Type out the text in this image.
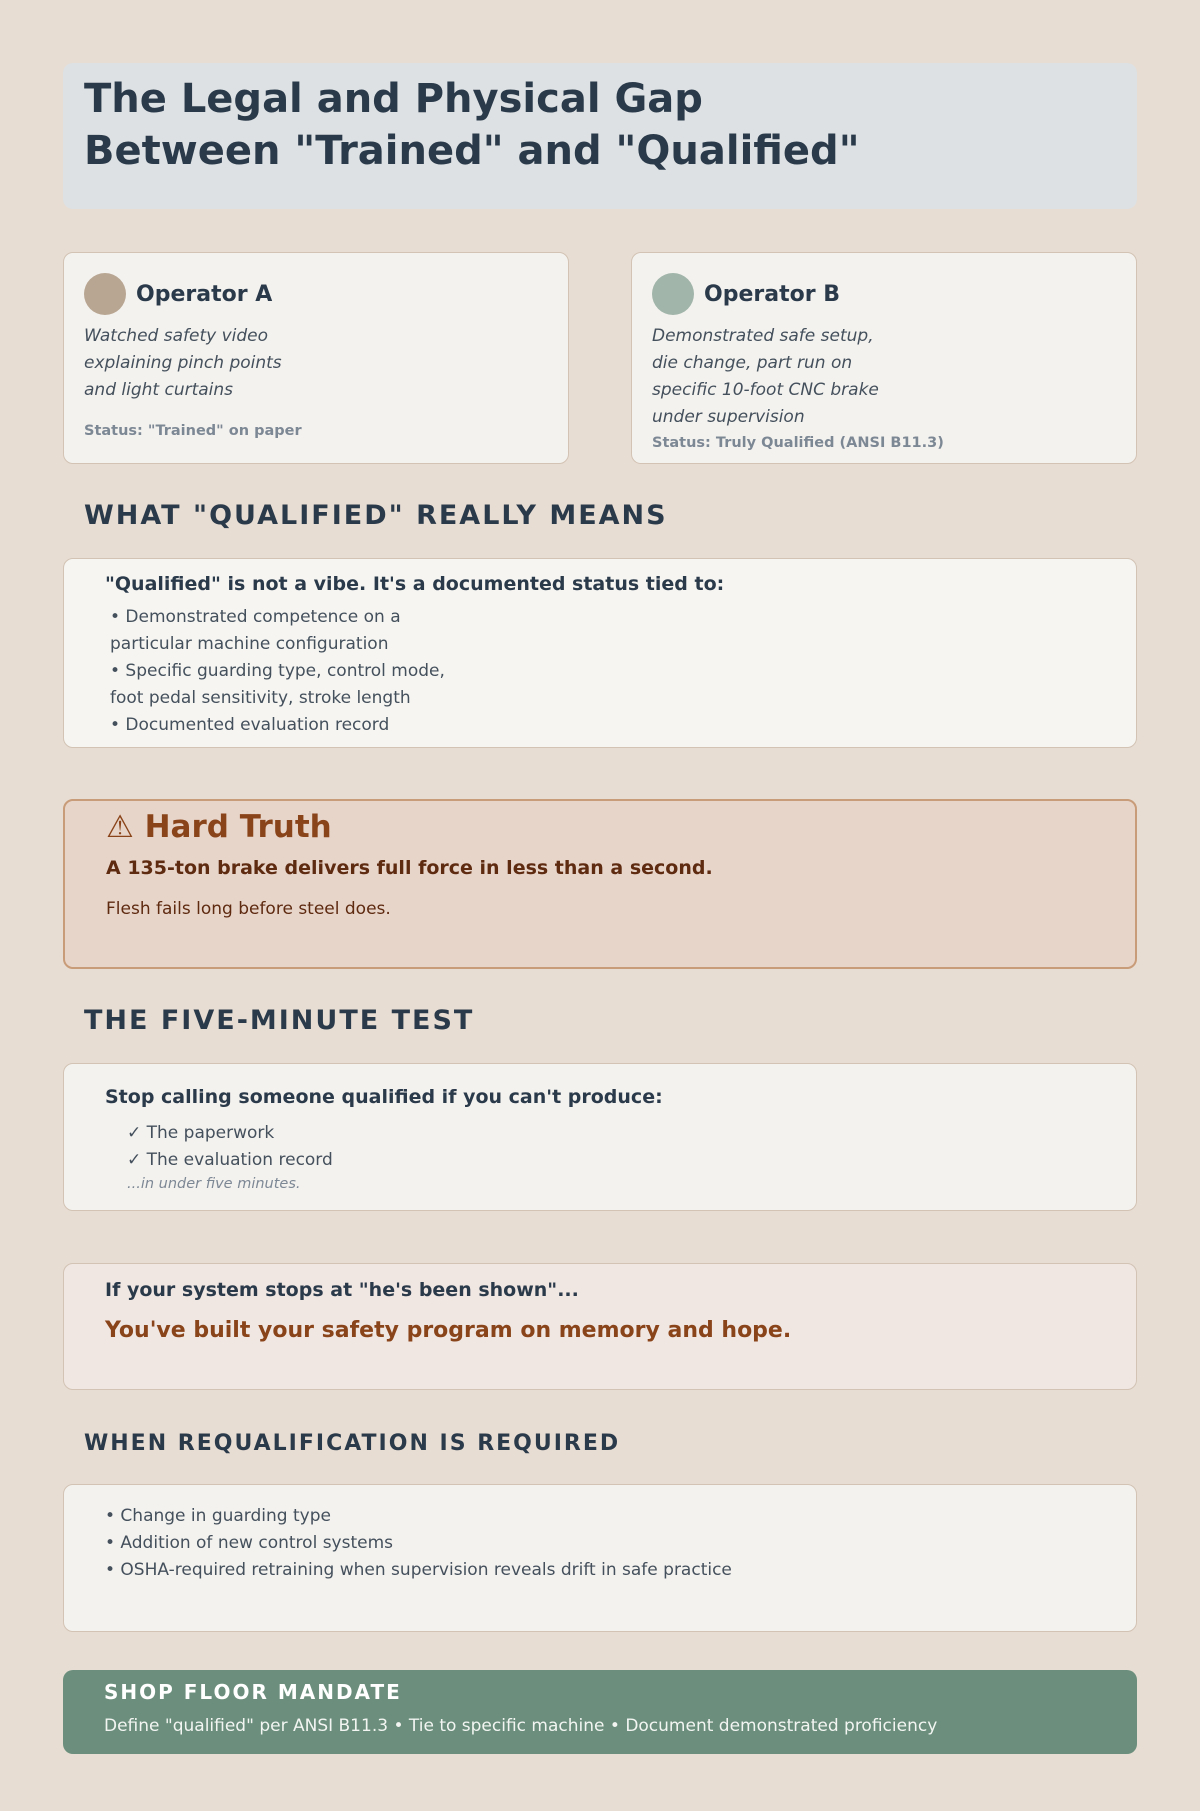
The Legal and Physical Gap
Between "Trained" and "Qualified"
Operator A
Watched safety video
explaining pinch points
and light curtains
Status: "Trained" on paper
Operator B
Demonstrated safe setup,
die change, part run on
specific 10-foot CNC brake
under supervision
Status: Truly Qualified (ANSI B11.3)
WHAT "QUALIFIED" REALLY MEANS
"Qualified" is not a vibe. It's a documented status tied to:
• Demonstrated competence on a
particular machine configuration
• Specific guarding type, control mode,
foot pedal sensitivity, stroke length
• Documented evaluation record
⚠ Hard Truth
A 135-ton brake delivers full force in less than a second.
Flesh fails long before steel does.
THE FIVE-MINUTE TEST
Stop calling someone qualified if you can't produce:
✓ The paperwork
✓ The evaluation record
...in under five minutes.
If your system stops at "he's been shown"...
You've built your safety program on memory and hope.
WHEN REQUALIFICATION IS REQUIRED
• Change in guarding type
• Addition of new control systems
• OSHA-required retraining when supervision reveals drift in safe practice
SHOP FLOOR MANDATE
Define "qualified" per ANSI B11.3 • Tie to specific machine • Document demonstrated proficiency
